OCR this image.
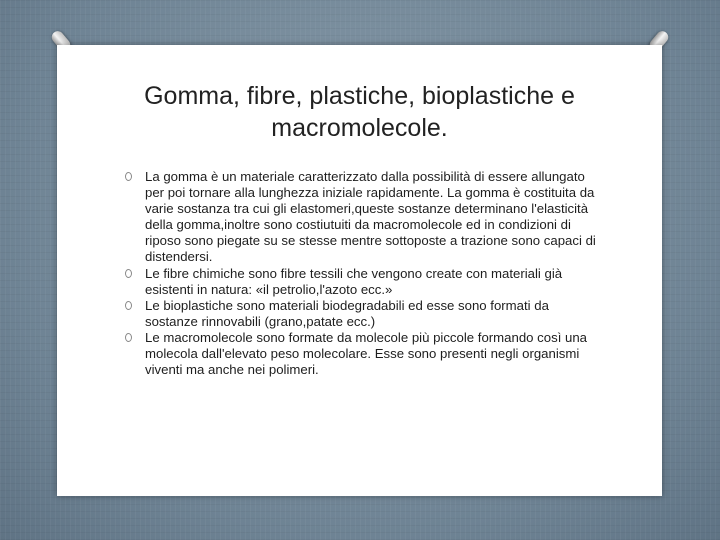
Gomma, fibre, plastiche, bioplastiche e
macromolecole.
La gomma è un materiale caratterizzato dalla possibilità di essere allungato per poi tornare alla lunghezza iniziale rapidamente. La gomma è costituita da varie sostanza tra cui gli elastomeri,queste sostanze determinano l'elasticità della gomma,inoltre sono costiutuiti da macromolecole ed in condizioni di riposo sono piegate su se stesse mentre sottoposte a trazione sono capaci di distendersi.
Le fibre chimiche sono fibre tessili che vengono create con materiali già esistenti in natura: «il petrolio,l'azoto ecc.»
Le bioplastiche sono materiali biodegradabili ed esse sono formati da sostanze rinnovabili (grano,patate ecc.)
Le macromolecole sono formate da molecole più piccole formando così una molecola dall'elevato peso molecolare. Esse sono presenti negli organismi viventi ma anche nei polimeri.
